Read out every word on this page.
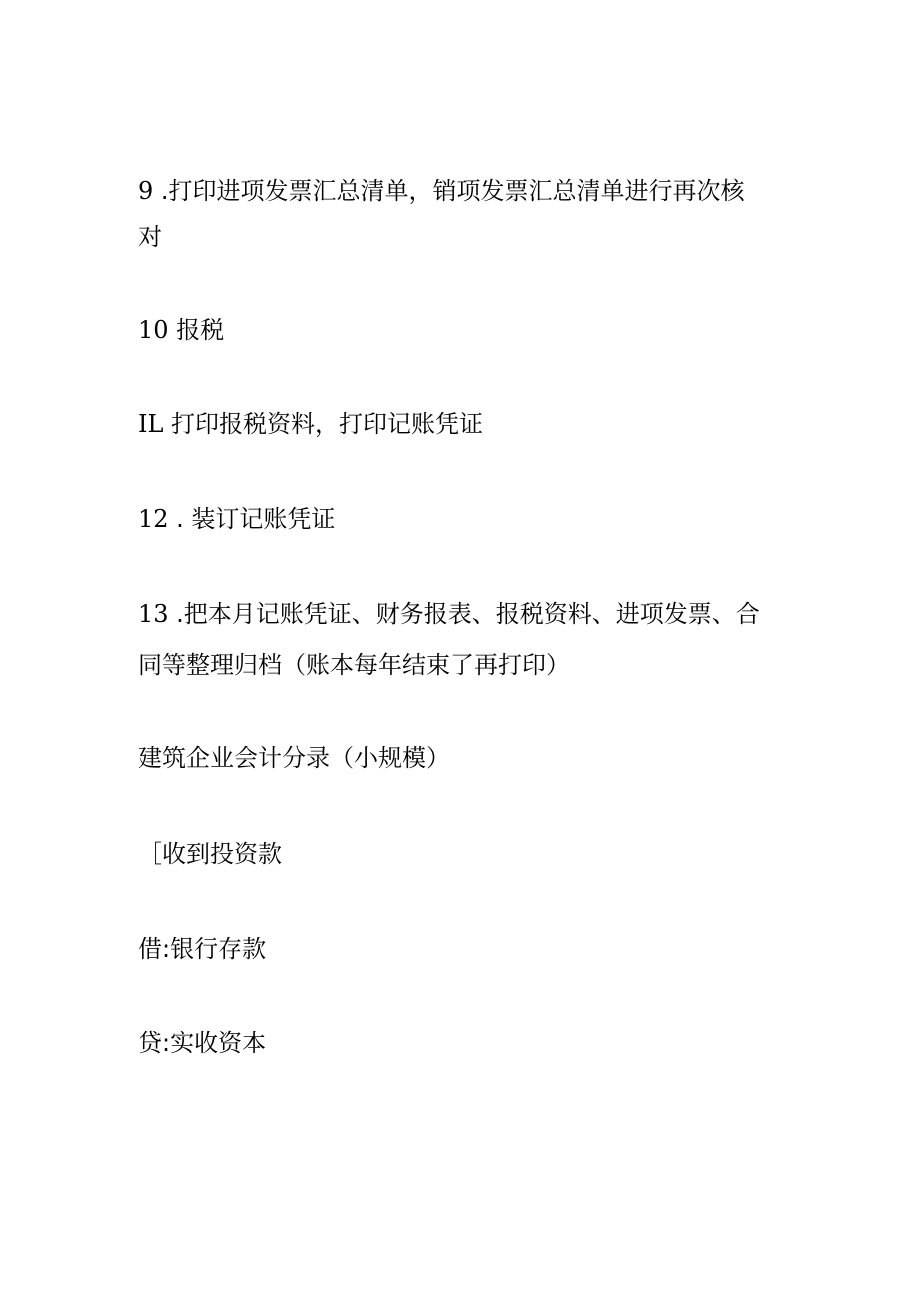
9 .打印进项发票汇总清单，销项发票汇总清单进行再次核
对
10 报税
IL 打印报税资料，打印记账凭证
12 . 装订记账凭证
13 .把本月记账凭证、财务报表、报税资料、进项发票、合
同等整理归档（账本每年结束了再打印）
建筑企业会计分录（小规模）
［收到投资款
借:银行存款
贷:实收资本
